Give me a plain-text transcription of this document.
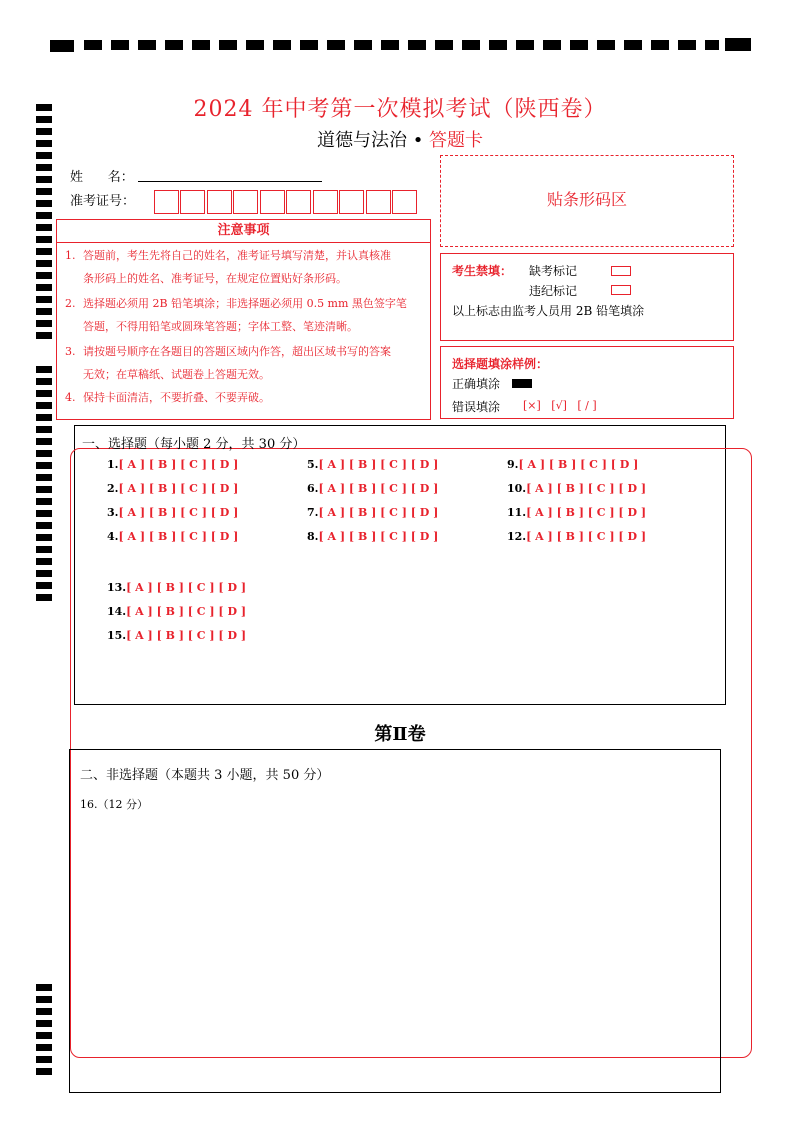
2024 年中考第一次模拟考试（陕西卷）
道德与法治 • 答题卡
姓      名：
准考证号：	贴条形码区
注意事项
1. 答题前，考生先将自己的姓名，准考证号填写清楚，并认真核准
条形码上的姓名、准考证号，在规定位置贴好条形码。
2. 选择题必须用 2B 铅笔填涂；非选择题必须用 0.5 mm 黑色签字笔
答题，不得用铅笔或圆珠笔答题；字体工整、笔迹清晰。
3. 请按题号顺序在各题目的答题区域内作答，超出区域书写的答案
无效；在草稿纸、试题卷上答题无效。
4. 保持卡面清洁，不要折叠、不要弄破。
考生禁填： 缺考标记
违纪标记
以上标志由监考人员用 2B 铅笔填涂
选择题填涂样例：
正确填涂
错误填涂 [×]   [√]   [ / ]
一、选择题（每小题 2 分，共 30 分）
1.[ A ] [ B ] [ C ] [ D ]
2.[ A ] [ B ] [ C ] [ D ]
3.[ A ] [ B ] [ C ] [ D ]
4.[ A ] [ B ] [ C ] [ D ]
5.[ A ] [ B ] [ C ] [ D ]
6.[ A ] [ B ] [ C ] [ D ]
7.[ A ] [ B ] [ C ] [ D ]
8.[ A ] [ B ] [ C ] [ D ]
9.[ A ] [ B ] [ C ] [ D ]
10.[ A ] [ B ] [ C ] [ D ]
11.[ A ] [ B ] [ C ] [ D ]
12.[ A ] [ B ] [ C ] [ D ]
13.[ A ] [ B ] [ C ] [ D ]
14.[ A ] [ B ] [ C ] [ D ]
15.[ A ] [ B ] [ C ] [ D ]
第Ⅱ卷
二、非选择题（本题共 3 小题，共 50 分）
16.（12 分）
